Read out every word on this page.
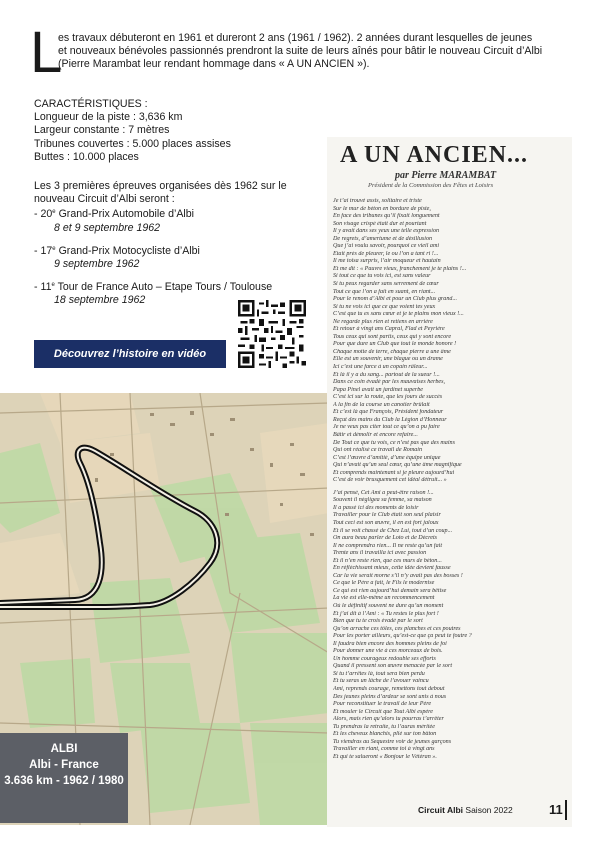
L
es travaux débuteront en 1961 et dureront 2 ans (1961 / 1962). 2 années durant lesquelles de jeunes
et nouveaux bénévoles passionnés prendront la suite de leurs aînés pour bâtir le nouveau Circuit d’Albi
(Pierre Marambat leur rendant hommage dans « A UN ANCIEN »).
CARACTÉRISTIQUES :
Longueur de la piste : 3,636 km
Largeur constante : 7 mètres
Tribunes couvertes : 5.000 places assises
Buttes : 10.000 places
Les 3 premières épreuves organisées dès 1962 sur le
nouveau Circuit d’Albi seront :
- 20e Grand-Prix Automobile d’Albi
8 et 9 septembre 1962
- 17e Grand-Prix Motocycliste d’Albi
9 septembre 1962
- 11e Tour de France Auto – Etape Tours / Toulouse
18 septembre 1962
Découvrez l’histoire en vidéo
ALBI
Albi - France
3.636 km - 1962 / 1980
A UN ANCIEN...
par Pierre MARAMBAT
Président de la Commission des Fêtes et Loisirs
Je t’ai trouvé assis, solitaire et triste
Sur le mur de béton en bordure de piste,
En face des tribunes qu’il fixait longuement
Son visage crispé était dur et pourtant
Il y avait dans ses yeux une telle expression
De regrets, d’amertume et de désillusion
Que j’ai voulu savoir, pourquoi ce vieil ami
Était près de pleurer, le ou l’on a tant ri !...
Il me toisa surpris, l’air moqueur et hautain
Et me dit : « Pauvre vieux, franchement je te plains !...
Si tout ce que tu vois ici, est sans valeur
Si tu peux regarder sans serrement de cœur
Tout ce que l’on a fait en suant, en riant...
Pour le renom d’Albi et pour un Club plus grand...
Si tu ne vois ici que ce que voient tes yeux
C’est que tu es sans cœur et je te plains mon vieux !...
Ne regarde plus rien et retiens en arrière
Et retour à vingt ans Capral, Flad et Peyrière
Tous ceux qui sont partis, ceux qui y sont encore
Pour que dure un Club que tout le monde honore !
Chaque motte de terre, chaque pierre a une âme
Elle est un souvenir, une blague ou un drame
Ici c’est une farce à un copain râleur...
Et là il y a du sang... partout de la sueur !...
Dans ce coin évadé par les mauvaises herbes,
Papa Pinel avait un jardinet superbe
C’est ici sur la route, que les jours de succès
A la fin de la course un canotier brûlait
Et c’est là que François, Président fondateur
Reçut des mains du Club la Légion d’Honneur
Je ne veux pas citer tout ce qu’on a pu faire
Bâtir et démolir et encore refaire...
De Tout ce que tu vois, ce n’est pas que des mains
Qui ont réalisé ce travail de Romain
C’est l’œuvre d’amitié, d’une équipe unique
Qui n’avait qu’un seul cœur, qu’une âme magnifique
Et comprends maintenant si je pleure aujourd’hui
C’est de voir brusquement cet idéal détruit... »
J’ai pensé, Cet Ami a peut-être raison !...
Souvent il négligea sa femme, sa maison
Il a passé ici des moments de loisir
Travailler pour le Club était son seul plaisir
Tout ceci est son œuvre, il en est fort jaloux
Et il se voit chassé de Chez Lui, tout d’un coup...
On aura beau parler de Loto et de Décrets
Il ne comprendra rien... Il ne reste qu’un fait
Trente ans il travailla ici avec passion
Et il n’en reste rien, que ces murs de béton...
En réfléchissant mieux, cette idée devient fausse
Car la vie serait morne s’il n’y avait pas des bosses !
Ce que le Père a fait, le Fils le modernise
Ce qui est rien aujourd’hui demain sera bêtise
La vie est elle-même un recommencement
Où le définitif souvent ne dure qu’un moment
Et j’ai dit à l’Ami : « Tu restes le plus fort !
Bien que tu te crois évadé par le sort
Qu’on arrache ces tôles, ces planches et ces poutres
Pour les porter ailleurs, qu’est-ce que ça peut te foutre ?
Il faudra bien encore des hommes pleins de foi
Pour donner une vie à ces morceaux de bois.
Un homme courageux redouble ses efforts
Quand il pressent son œuvre menacée par le sort
Si tu t’arrêtes là, tout sera bien perdu
Et tu seras un lâche de l’avouer vaincu
Ami, reprends courage, remettons tout debout
Des jeunes pleins d’ardeur se sont unis à nous
Pour reconstituer le travail de leur Père
Et mouler le Circuit que Tout Albi espère
Alors, mais rien qu’alors tu pourras t’arrêter
Tu prendras la retraite, tu l’auras méritée
Et les cheveux blanchis, plié sur ton bâton
Tu viendras au Sequestre voir de jeunes garçons
Travailler en riant, comme toi à vingt ans
Et qui te salueront « Bonjour le Vétéran ».
Circuit Albi Saison 2022	11
